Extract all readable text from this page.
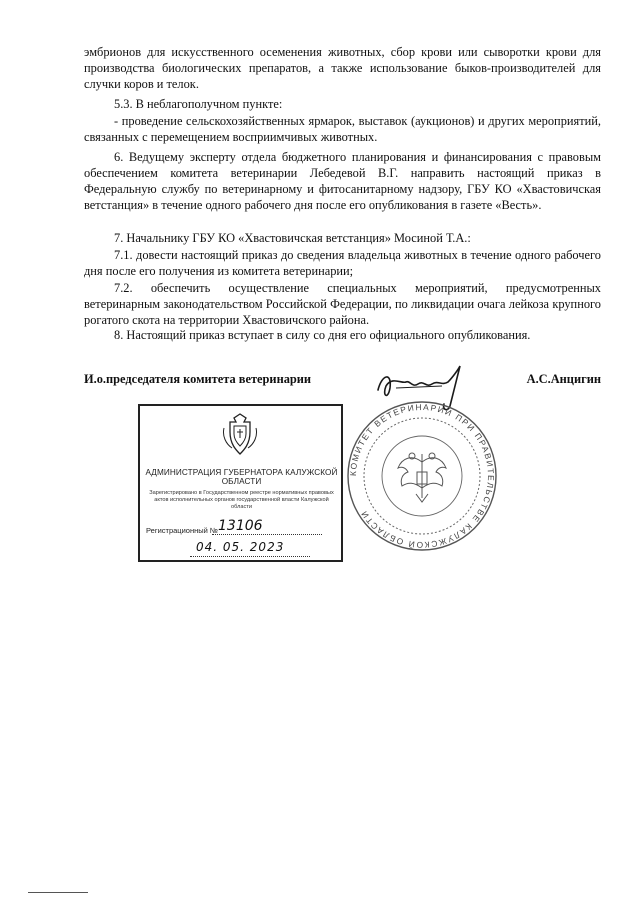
эмбрионов для искусственного осеменения животных, сбор крови или сыворотки крови для производства биологических препаратов, а также использование быков-производителей для случки коров и телок.

5.3. В неблагополучном пункте:

- проведение сельскохозяйственных ярмарок, выставок (аукционов) и других мероприятий, связанных с перемещением восприимчивых животных.

6. Ведущему эксперту отдела бюджетного планирования и финансирования с правовым обеспечением комитета ветеринарии Лебедевой В.Г. направить настоящий приказ в Федеральную службу по ветеринарному и фитосанитарному надзору, ГБУ КО «Хвастовичская ветстанция» в течение одного рабочего дня после его опубликования в газете «Весть».

7. Начальнику ГБУ КО «Хвастовичская ветстанция» Мосиной Т.А.:

7.1. довести настоящий приказ до сведения владельца животных в течение одного рабочего дня после его получения из комитета ветеринарии;

7.2. обеспечить осуществление специальных мероприятий, предусмотренных ветеринарным законодательством Российской Федерации, по ликвидации очага лейкоза крупного рогатого скота на территории Хвастовичского района.

8. Настоящий приказ вступает в силу со дня его официального опубликования.

И.о.председателя комитета ветеринарии	А.С.Анцигин
АДМИНИСТРАЦИЯ ГУБЕРНАТОРА КАЛУЖСКОЙ ОБЛАСТИ
Зарегистрировано в Государственном реестре нормативных правовых актов исполнительных органов государственной власти Калужской области
Регистрационный № 13106
04. 05. 2023
КОМИТЕТ ВЕТЕРИНАРИИ ПРИ ПРАВИТЕЛЬСТВЕ КАЛУЖСКОЙ ОБЛАСТИ
